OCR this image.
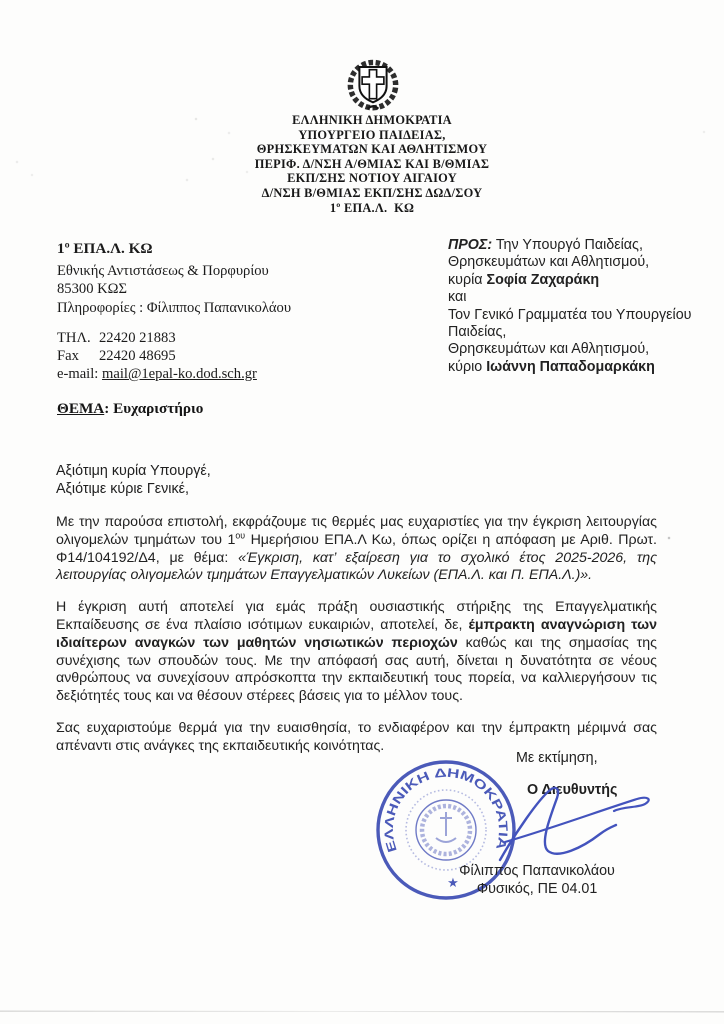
ΕΛΛΗΝΙΚΗ ΔΗΜΟΚΡΑΤΙΑ
ΥΠΟΥΡΓΕΙΟ ΠΑΙΔΕΙΑΣ,
ΘΡΗΣΚΕΥΜΑΤΩΝ ΚΑΙ ΑΘΛΗΤΙΣΜΟΥ
ΠΕΡΙΦ. Δ/ΝΣΗ Α/ΘΜΙΑΣ ΚΑΙ Β/ΘΜΙΑΣ
ΕΚΠ/ΣΗΣ ΝΟΤΙΟΥ ΑΙΓΑΙΟΥ
Δ/ΝΣΗ Β/ΘΜΙΑΣ ΕΚΠ/ΣΗΣ ΔΩΔ/ΣΟΥ
1º ΕΠΑ.Λ.  ΚΩ
1º ΕΠΑ.Λ. ΚΩ
Εθνικής Αντιστάσεως & Πορφυρίου
85300 ΚΩΣ
Πληροφορίες : Φίλιππος Παπανικολάου
ΤΗΛ. 22420 21883
Fax 22420 48695
e-mail: mail@1epal-ko.dod.sch.gr
ΠΡΟΣ: Την Υπουργό Παιδείας,
Θρησκευμάτων και Αθλητισμού,
κυρία Σοφία Ζαχαράκη
και
Τον Γενικό Γραμματέα του Υπουργείου
Παιδείας,
Θρησκευμάτων και Αθλητισμού,
κύριο Ιωάννη Παπαδομαρκάκη
ΘΕΜΑ: Ευχαριστήριο
Αξιότιμη κυρία Υπουργέ,
Αξιότιμε κύριε Γενικέ,
Με την παρούσα επιστολή, εκφράζουμε τις θερμές μας ευχαριστίες για την έγκριση λειτουργίας ολιγομελών τμημάτων του $1^{o\upsilon}$ Ημερήσιου ΕΠΑ.Λ Κω, όπως ορίζει η απόφαση με Αριθ. Πρωτ. Φ14/104192/Δ4, με θέμα: «Έγκριση, κατ’ εξαίρεση για το σχολικό έτος 2025-2026, της λειτουργίας ολιγομελών τμημάτων Επαγγελματικών Λυκείων (ΕΠΑ.Λ. και Π. ΕΠΑ.Λ.)».
Η έγκριση αυτή αποτελεί για εμάς πράξη ουσιαστικής στήριξης της Επαγγελματικής Εκπαίδευσης σε ένα πλαίσιο ισότιμων ευκαιριών, αποτελεί, δε, έμπρακτη αναγνώριση των ιδιαίτερων αναγκών των μαθητών νησιωτικών περιοχών καθώς και της σημασίας της συνέχισης των σπουδών τους. Με την απόφασή σας αυτή, δίνεται η δυνατότητα σε νέους ανθρώπους να συνεχίσουν απρόσκοπτα την εκπαιδευτική τους πορεία, να καλλιεργήσουν τις δεξιότητές τους και να θέσουν στέρεες βάσεις για το μέλλον τους.
Σας ευχαριστούμε θερμά για την ευαισθησία, το ενδιαφέρον και την έμπρακτη μέριμνά σας απέναντι στις ανάγκες της εκπαιδευτικής κοινότητας.
Με εκτίμηση,
Ο Διευθυντής
ΕΛΛΗΝΙΚΗ ΔΗΜΟΚΡΑΤΙΑ
★
Φίλιππος Παπανικολάου
Φυσικός, ΠΕ 04.01
